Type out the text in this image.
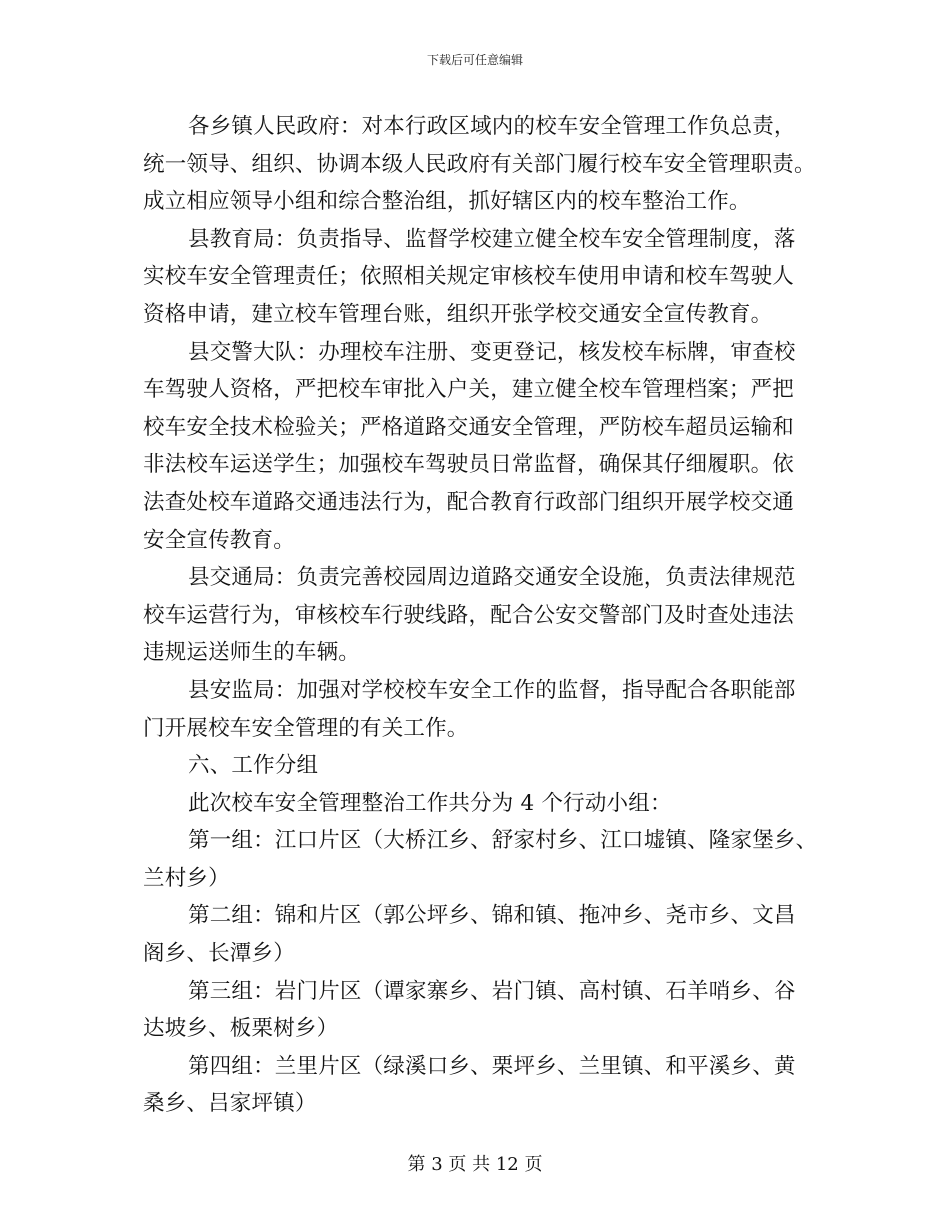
下载后可任意编辑

各乡镇人民政府：对本行政区域内的校车安全管理工作负总责，
统一领导、组织、协调本级人民政府有关部门履行校车安全管理职责。
成立相应领导小组和综合整治组，抓好辖区内的校车整治工作。

县教育局：负责指导、监督学校建立健全校车安全管理制度，落
实校车安全管理责任；依照相关规定审核校车使用申请和校车驾驶人
资格申请，建立校车管理台账，组织开张学校交通安全宣传教育。

县交警大队：办理校车注册、变更登记，核发校车标牌，审查校
车驾驶人资格，严把校车审批入户关，建立健全校车管理档案；严把
校车安全技术检验关；严格道路交通安全管理，严防校车超员运输和
非法校车运送学生；加强校车驾驶员日常监督，确保其仔细履职。依
法查处校车道路交通违法行为，配合教育行政部门组织开展学校交通
安全宣传教育。

县交通局：负责完善校园周边道路交通安全设施，负责法律规范
校车运营行为，审核校车行驶线路，配合公安交警部门及时查处违法
违规运送师生的车辆。

县安监局：加强对学校校车安全工作的监督，指导配合各职能部
门开展校车安全管理的有关工作。

六、工作分组

此次校车安全管理整治工作共分为 4 个行动小组：

第一组：江口片区（大桥江乡、舒家村乡、江口墟镇、隆家堡乡、
兰村乡）

第二组：锦和片区（郭公坪乡、锦和镇、拖冲乡、尧市乡、文昌
阁乡、长潭乡）

第三组：岩门片区（谭家寨乡、岩门镇、高村镇、石羊哨乡、谷
达坡乡、板栗树乡）

第四组：兰里片区（绿溪口乡、栗坪乡、兰里镇、和平溪乡、黄
桑乡、吕家坪镇）

第 3 页 共 12 页
